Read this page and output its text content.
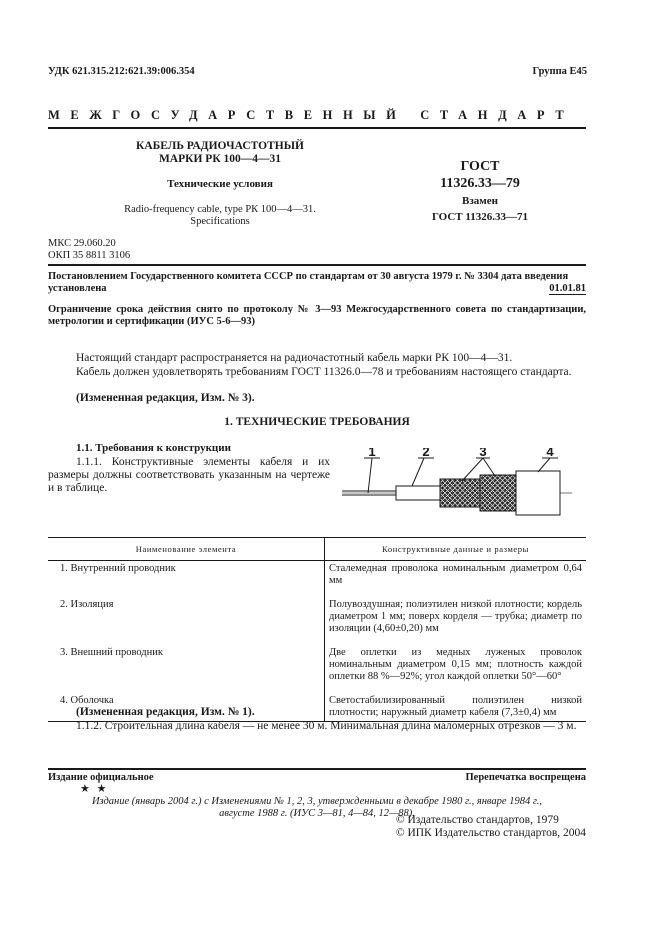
УДК 621.315.212:621.39:006.354	Группа Е45
МЕЖГОСУДАРСТВЕННЫЙ СТАНДАРТ
КАБЕЛЬ РАДИОЧАСТОТНЫЙ
МАРКИ РК 100—4—31
Технические условия
Radio-frequency cable, type РК 100—4—31.
Specifications
ГОСТ
11326.33—79
Взамен
ГОСТ 11326.33—71
МКС 29.060.20
ОКП 35 8811 3106
Постановлением Государственного комитета СССР по стандартам от 30 августа 1979 г. № 3304 дата введения установлена	01.01.81
Ограничение срока действия снято по протоколу № 3—93 Межгосударственного совета по стандартизации, метрологии и сертификации (ИУС 5-6—93)
Настоящий стандарт распространяется на радиочастотный кабель марки РК 100—4—31.
Кабель должен удовлетворять требованиям ГОСТ 11326.0—78 и требованиям настоящего стандарта.
(Измененная редакция, Изм. № 3).
1. ТЕХНИЧЕСКИЕ ТРЕБОВАНИЯ
1.1. Требования к конструкции
1.1.1. Конструктивные элементы кабеля и их размеры должны соответствовать указанным на чертеже и в таблице.
1	2	3	4
Наименование элемента	Конструктивные данные и размеры
1. Внутренний проводник	Сталемедная проволока номинальным диаметром 0,64 мм
2. Изоляция	Полувоздушная; полиэтилен низкой плотности; кордель диаметром 1 мм; поверх корделя — трубка; диаметр по изоляции (4,60±0,20) мм
3. Внешний проводник	Две оплетки из медных луженых проволок номинальным диаметром 0,15 мм; плотность каждой оплетки 88 %—92%; угол каждой оплетки 50°—60°
4. Оболочка	Светостабилизированный полиэтилен низкой плотности; наружный диаметр кабеля (7,3±0,4) мм
(Измененная редакция, Изм. № 1).
1.1.2. Строительная длина кабеля — не менее 30 м. Минимальная длина маломерных отрезков — 3 м.
Издание официальное	Перепечатка воспрещена
★ ★
Издание (январь 2004 г.) с Изменениями № 1, 2, 3, утвержденными в декабре 1980 г., январе 1984 г.,
августе 1988 г. (ИУС 3—81, 4—84, 12—88).
© Издательство стандартов, 1979
© ИПК Издательство стандартов, 2004
